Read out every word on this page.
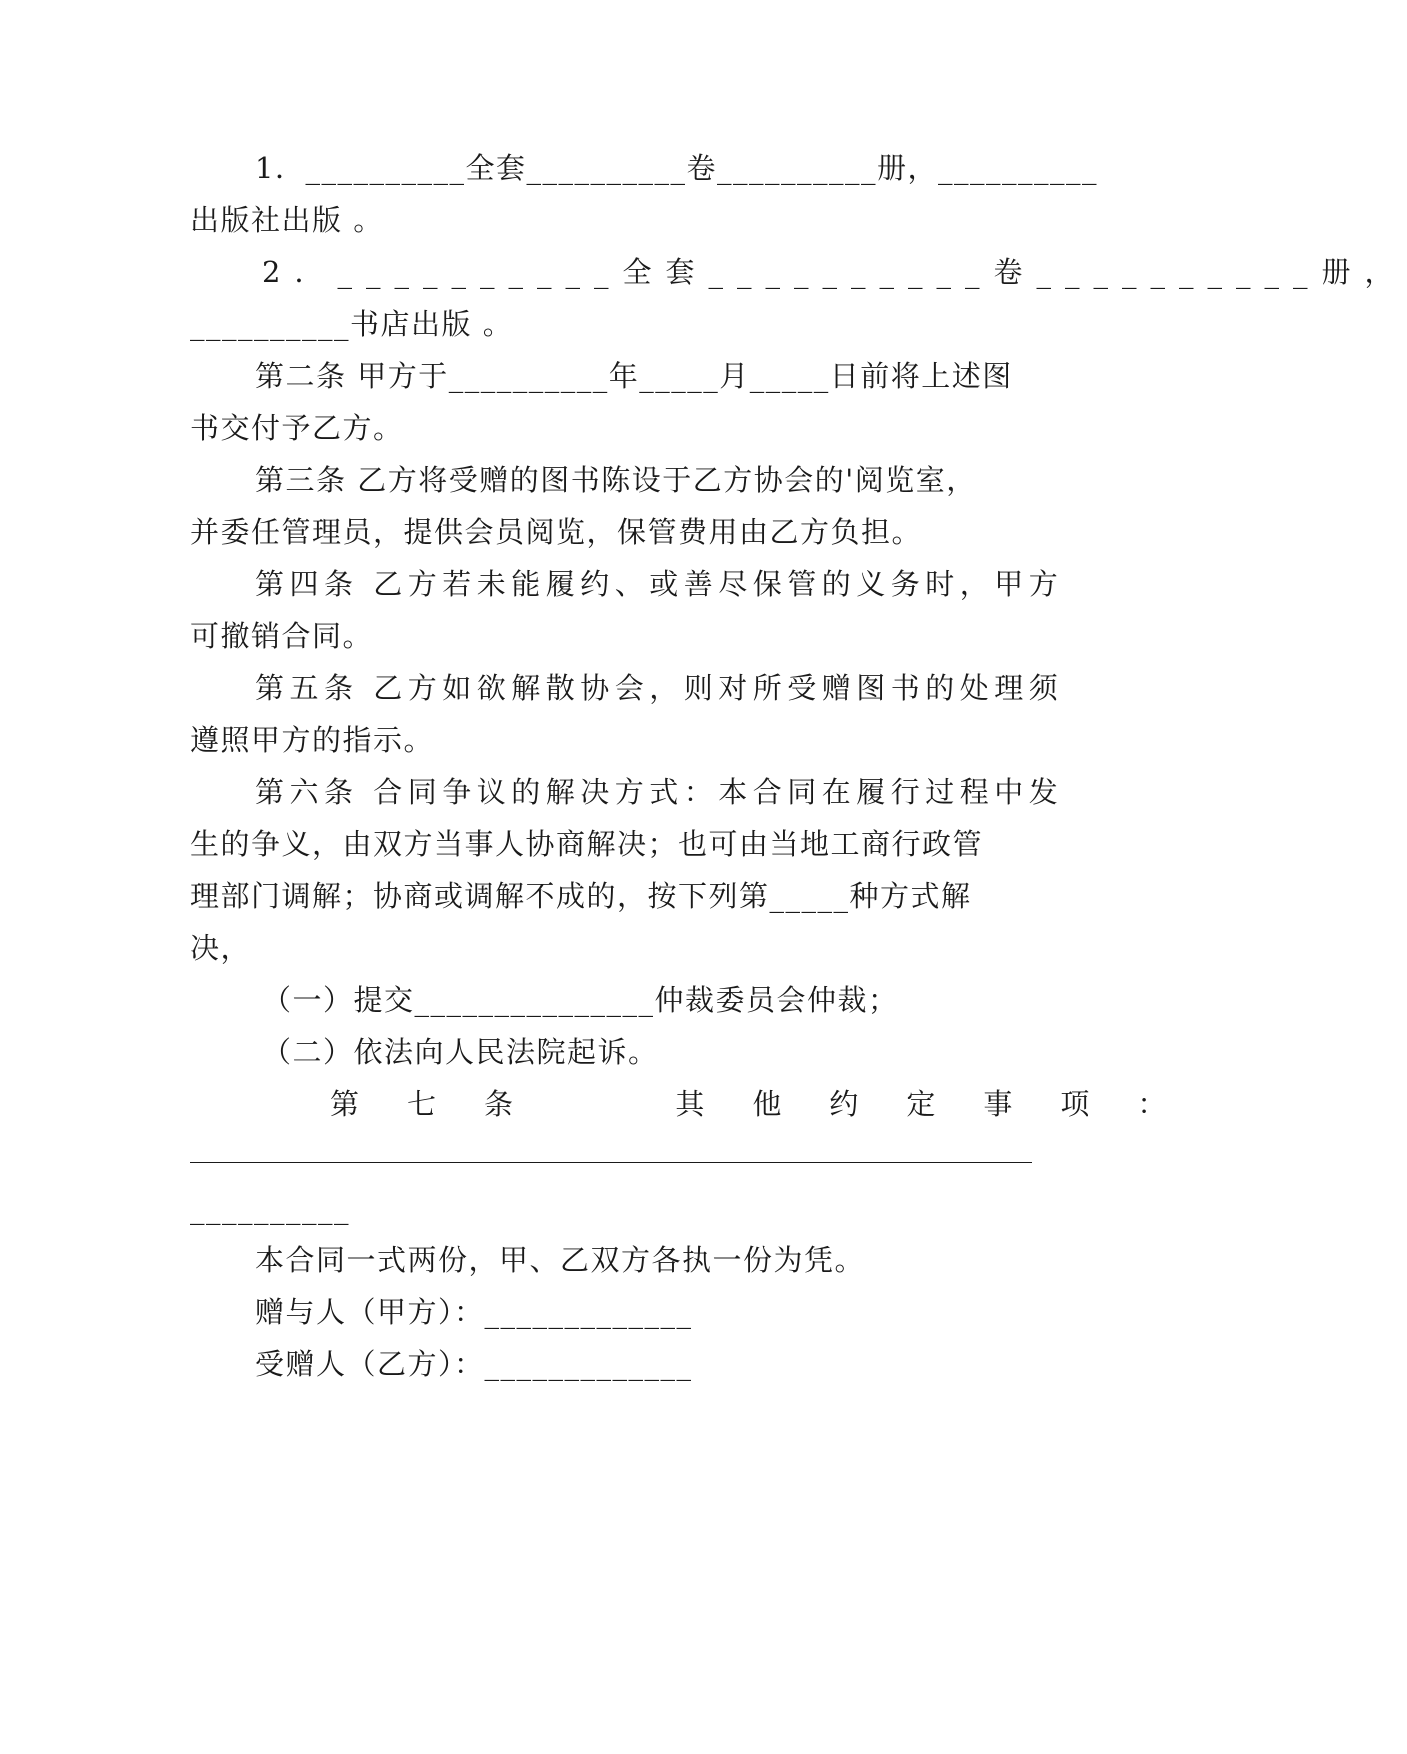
1．__________全套__________卷__________册，__________
出版社出版 。
2．__________全套__________卷__________册，
__________书店出版 。
第二条 甲方于__________年_____月_____日前将上述图
书交付予乙方。
第三条 乙方将受赠的图书陈设于乙方协会的'阅览室，
并委任管理员，提供会员阅览，保管费用由乙方负担。
第四条 乙方若未能履约、或善尽保管的义务时，甲方
可撤销合同。
第五条 乙方如欲解散协会，则对所受赠图书的处理须
遵照甲方的指示。
第六条 合同争议的解决方式：本合同在履行过程中发
生的争义，由双方当事人协商解决；也可由当地工商行政管
理部门调解；协商或调解不成的，按下列第_____种方式解
决，
（一）提交_______________仲裁委员会仲裁；
（二）依法向人民法院起诉。
第七条  其他约定事项：
__________
本合同一式两份，甲、乙双方各执一份为凭。
赠与人（甲方）：_____________
受赠人（乙方）：_____________
